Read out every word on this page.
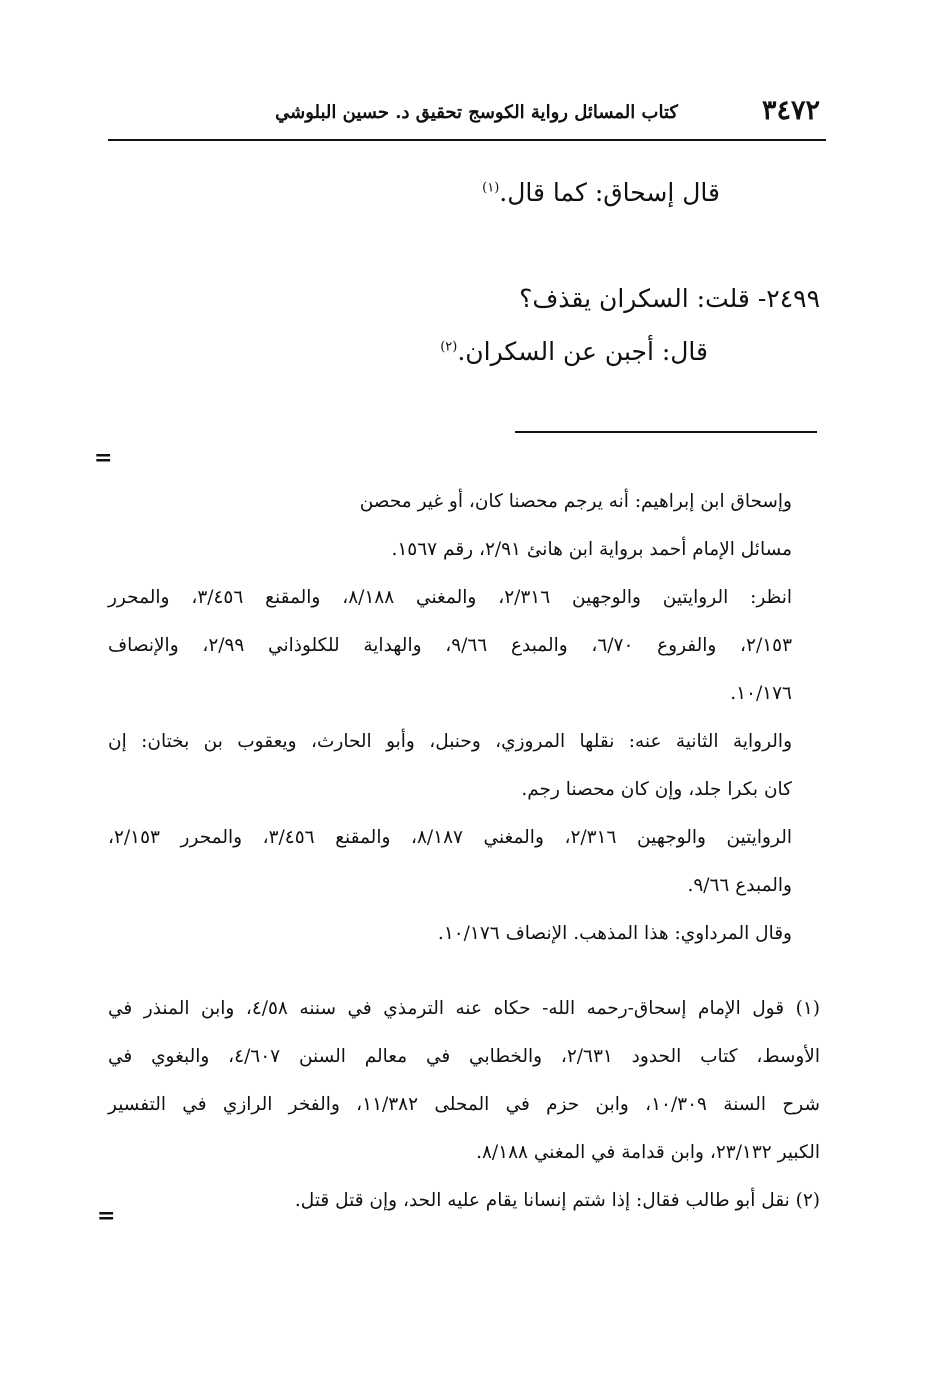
٣٤٧٢
كتاب المسائل رواية الكوسج تحقيق د. حسين البلوشي
قال إسحاق: كما قال.$^{(١)}$
٢٤٩٩- قلت: السكران يقذف؟
قال: أجبن عن السكران.$^{(٢)}$
=
وإسحاق ابن إبراهيم: أنه يرجم محصنا كان، أو غير محصن
مسائل الإمام أحمد برواية ابن هانئ ٢/٩١، رقم ١٥٦٧.
انظر: الروايتين والوجهين ٢/٣١٦، والمغني ٨/١٨٨، والمقنع ٣/٤٥٦، والمحرر
٢/١٥٣، والفروع ٦/٧٠، والمبدع ٩/٦٦، والهداية للكلوذاني ٢/٩٩، والإنصاف
١٠/١٧٦.
والرواية الثانية عنه: نقلها المروزي، وحنبل، وأبو الحارث، ويعقوب بن بختان: إن
كان بكرا جلد، وإن كان محصنا رجم.
الروايتين والوجهين ٢/٣١٦، والمغني ٨/١٨٧، والمقنع ٣/٤٥٦، والمحرر ٢/١٥٣،
والمبدع ٩/٦٦.
وقال المرداوي: هذا المذهب. الإنصاف ١٠/١٧٦.
(١) قول الإمام إسحاق-رحمه الله- حكاه عنه الترمذي في سننه ٤/٥٨، وابن المنذر في
الأوسط، كتاب الحدود ٢/٦٣١، والخطابي في معالم السنن ٤/٦٠٧، والبغوي في
شرح السنة ١٠/٣٠٩، وابن حزم في المحلى ١١/٣٨٢، والفخر الرازي في التفسير
الكبير ٢٣/١٣٢، وابن قدامة في المغني ٨/١٨٨.
(٢) نقل أبو طالب فقال: إذا شتم إنسانا يقام عليه الحد، وإن قتل قتل.
=
